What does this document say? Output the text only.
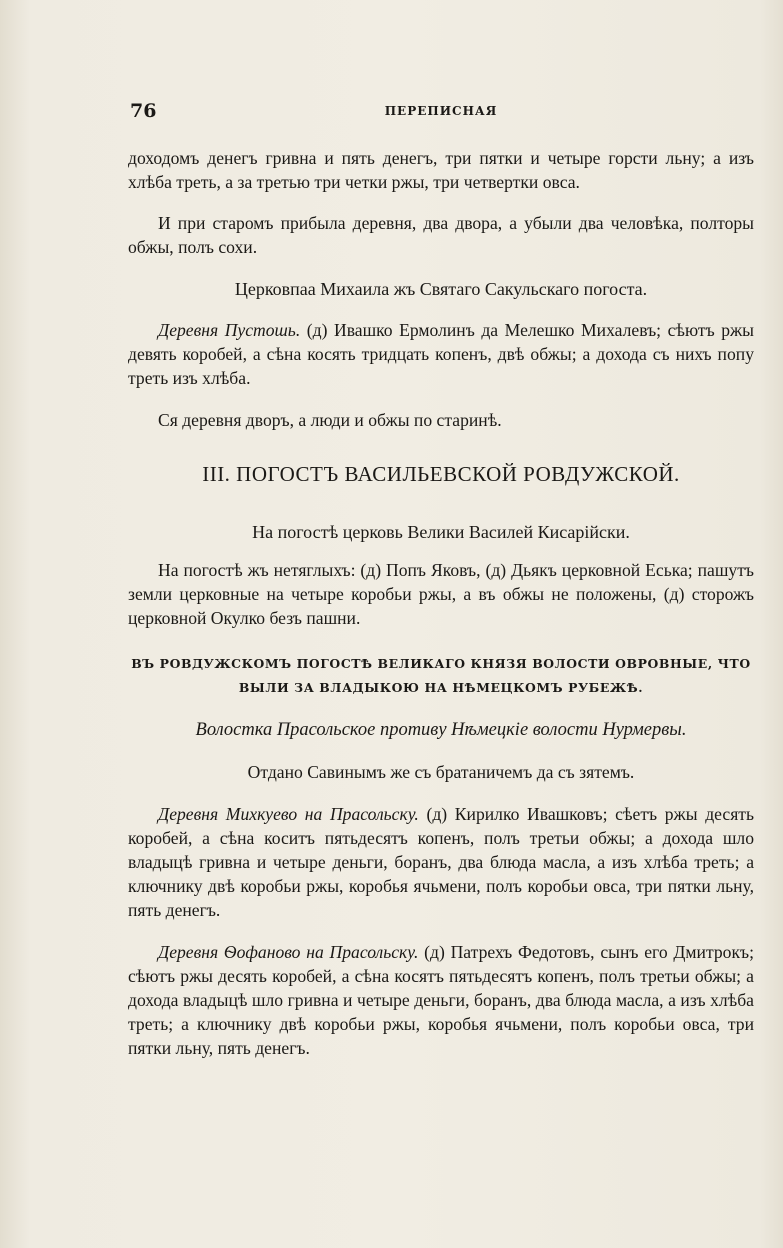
76	ПЕРЕПИСНАЯ

доходомъ денегъ гривна и пять денегъ, три пятки и четыре горсти льну; а изъ хлѣба треть, а за третью три четки ржы, три четвертки овса.

И при старомъ прибыла деревня, два двора, а убыли два человѣка, полторы обжы, полъ сохи.

Церковпаа Михаила жъ Святаго Сакульскаго погоста.

Деревня Пустошь. (д) Ивашко Ермолинъ да Мелешко Михалевъ; сѣютъ ржы девять коробей, а сѣна косять тридцать копенъ, двѣ обжы; а дохода съ нихъ попу треть изъ хлѣба.

Ся деревня дворъ, а люди и обжы по старинѣ.

III. ПОГОСТЪ ВАСИЛЬЕВСКОЙ РОВДУЖСКОЙ.
На погостѣ церковь Велики Василей Кисарійски.

На погостѣ жъ нетяглыхъ: (д) Попъ Яковъ, (д) Дьякъ церковной Еська; пашутъ земли церковные на четыре коробьи ржы, а въ обжы не положены, (д) сторожъ церковной Окулко безъ пашни.

ВЪ РОВДУЖСКОМЪ ПОГОСТѢ ВЕЛИКАГО КНЯЗЯ ВОЛОСТИ ОВРОВНЫЕ, ЧТО ВЫЛИ ЗА ВЛАДЫКОЮ НА НѢМЕЦКОМЪ РУБЕЖѢ.
Волостка Прасольское противу Нѣмецкіе волости Нурмервы.
Отдано Савинымъ же съ братаничемъ да съ зятемъ.

Деревня Михкуево на Прасольску. (д) Кирилко Ивашковъ; сѣетъ ржы десять коробей, а сѣна коситъ пятьдесятъ копенъ, полъ третьи обжы; а дохода шло владыцѣ гривна и четыре деньги, боранъ, два блюда масла, а изъ хлѣба треть; а ключнику двѣ коробьи ржы, коробья ячьмени, полъ коробьи овса, три пятки льну, пять денегъ.

Деревня Ѳофаново на Прасольску. (д) Патрехъ Федотовъ, сынъ его Дмитрокъ; сѣютъ ржы десять коробей, а сѣна косятъ пятьдесятъ копенъ, полъ третьи обжы; а дохода владыцѣ шло гривна и четыре деньги, боранъ, два блюда масла, а изъ хлѣба треть; а ключнику двѣ коробьи ржы, коробья ячьмени, полъ коробьи овса, три пятки льну, пять денегъ.
